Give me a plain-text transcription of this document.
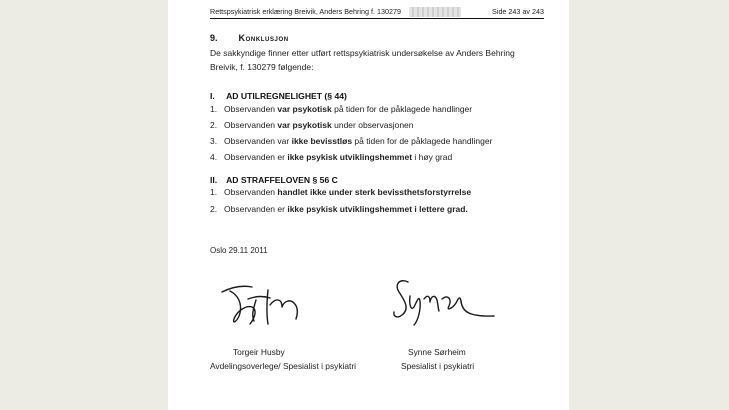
Rettspsykiatrisk erklæring Breivik, Anders Behring f. 130279	Side 243 av 243
9. Konklusjon
De sakkyndige finner etter utført rettspsykiatrisk undersøkelse av Anders Behring Breivik, f. 130279 følgende:
I. AD UTILREGNELIGHET (§ 44)
1. Observanden var psykotisk på tiden for de påklagede handlinger
2. Observanden var psykotisk under observasjonen
3. Observanden var ikke bevisstløs på tiden for de påklagede handlinger
4. Observanden er ikke psykisk utviklingshemmet i høy grad
II. AD STRAFFELOVEN § 56 C
1. Observanden handlet ikke under sterk bevissthetsforstyrrelse
2. Observanden er ikke psykisk utviklingshemmet i lettere grad.
Oslo 29.11 2011
Torgeir Husby
Avdelingsoverlege/ Spesialist i psykiatri
Synne Sørheim
Spesialist i psykiatri
